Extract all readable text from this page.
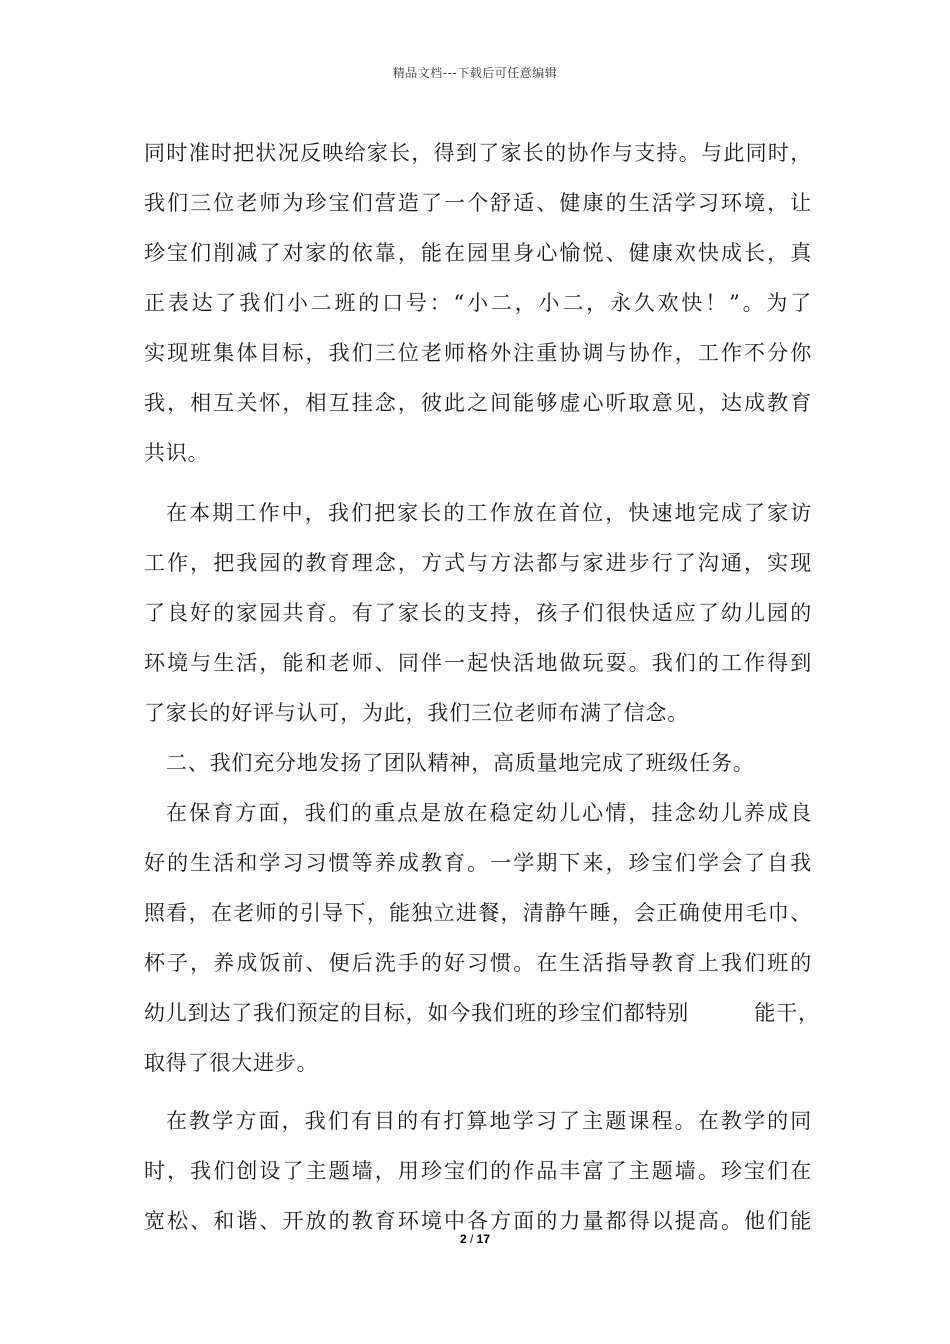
精品文档---下载后可任意编辑
同时准时把状况反映给家长，得到了家长的协作与支持。与此同时，
我们三位老师为珍宝们营造了一个舒适、健康的生活学习环境，让
珍宝们削减了对家的依靠，能在园里身心愉悦、健康欢快成长，真
正表达了我们小二班的口号：“小二，小二，永久欢快！”。为了
实现班集体目标，我们三位老师格外注重协调与协作，工作不分你
我，相互关怀，相互挂念，彼此之间能够虚心听取意见，达成教育
共识。
在本期工作中，我们把家长的工作放在首位，快速地完成了家访
工作，把我园的教育理念，方式与方法都与家进步行了沟通，实现
了良好的家园共育。有了家长的支持，孩子们很快适应了幼儿园的
环境与生活，能和老师、同伴一起快活地做玩耍。我们的工作得到
了家长的好评与认可，为此，我们三位老师布满了信念。
二、我们充分地发扬了团队精神，高质量地完成了班级任务。
在保育方面，我们的重点是放在稳定幼儿心情，挂念幼儿养成良
好的生活和学习习惯等养成教育。一学期下来，珍宝们学会了自我
照看，在老师的引导下，能独立进餐，清静午睡，会正确使用毛巾、
杯子，养成饭前、便后洗手的好习惯。在生活指导教育上我们班的
幼儿到达了我们预定的目标，如今我们班的珍宝们都特别　　　能干，
取得了很大进步。
在教学方面，我们有目的有打算地学习了主题课程。在教学的同
时，我们创设了主题墙，用珍宝们的作品丰富了主题墙。珍宝们在
宽松、和谐、开放的教育环境中各方面的力量都得以提高。他们能
2 / 17
